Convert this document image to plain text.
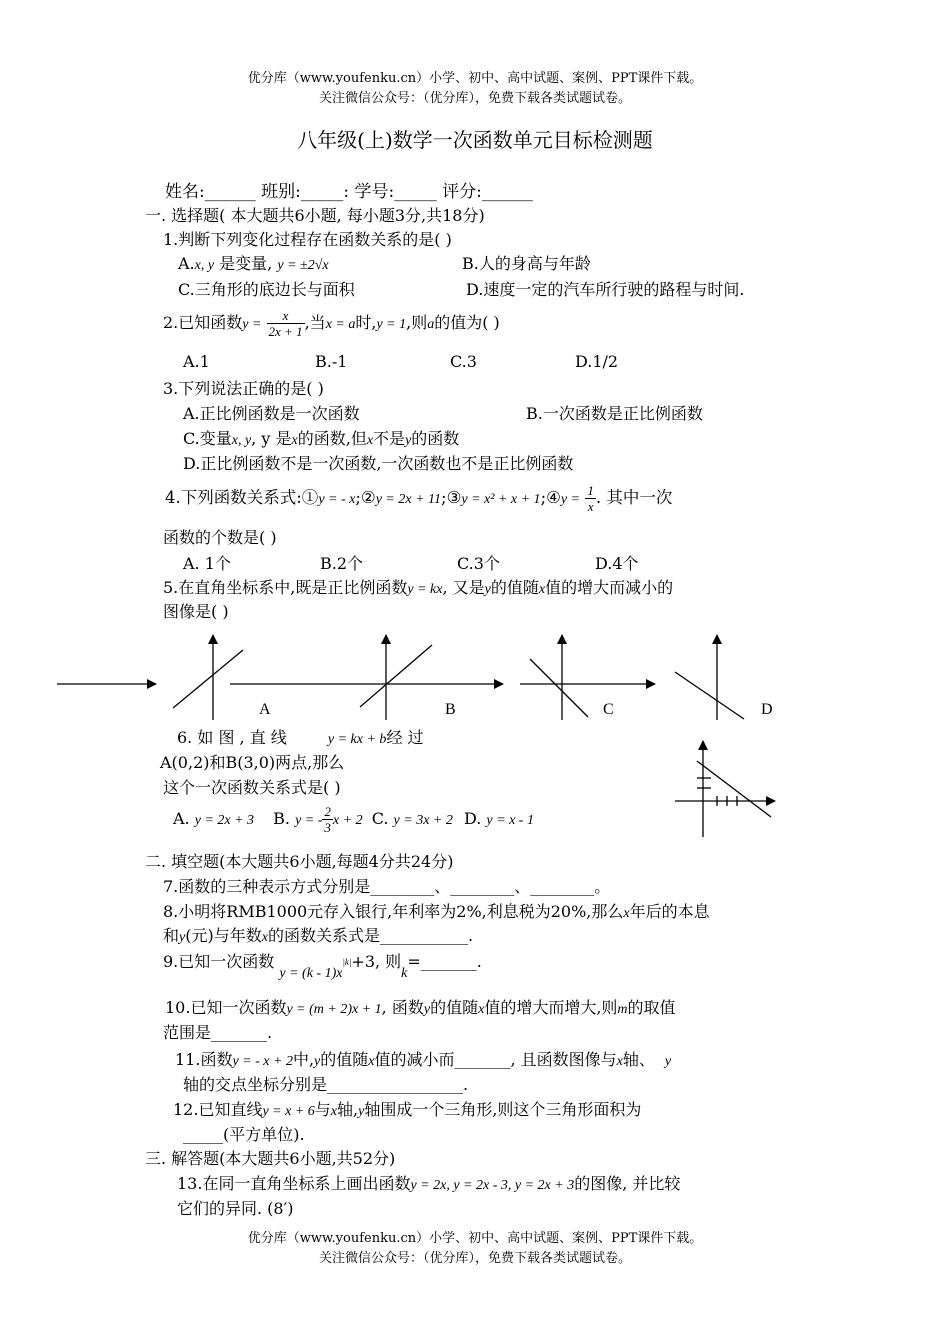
优分库（www.youfenku.cn）小学、初中、高中试题、案例、PPT课件下载。
关注微信公众号：（优分库），免费下载各类试题试卷。
八年级(上)数学一次函数单元目标检测题
姓名:______ 班别:_____: 学号:_____ 评分:______
一. 选择题( 本大题共6小题, 每小题3分,共18分)
1.判断下列变化过程存在函数关系的是( )
A.x, y 是变量, y = ±2√x	B.人的身高与年龄
C.三角形的底边长与面积	D.速度一定的汽车所行驶的路程与时间.
2.已知函数$y = \frac{x}{2x + 1}$ ,当x = a时,y = 1,则a的值为( )
A.1	B.-1	C.3	D.1/2
3.下列说法正确的是( )
A.正比例函数是一次函数	B.一次函数是正比例函数
C.变量x, y, y 是x的函数,但x不是y的函数
D.正比例函数不是一次函数,一次函数也不是正比例函数
4.下列函数关系式:①y = - x;②y = 2x + 11;③y = x² + x + 1;④y = $\frac{1}{x}$ . 其中一次
函数的个数是( )
A. 1个	B.2个	C.3个	D.4个
5.在直角坐标系中,既是正比例函数y = kx, 又是y的值随x值的增大而减小的
图像是( )
A	B	C	D
6. 如 图 , 直 线	y = kx + b经 过
A(0,2)和B(3,0)两点,那么
这个一次函数关系式是( )
A. y = 2x + 3 B. y = - $\frac{2}{3}$ x + 2 C. y = 3x + 2 D. y = x - 1
二. 填空题(本大题共6小题,每题4分共24分)
7.函数的三种表示方式分别是________、________、________。
8.小明将RMB1000元存入银行,年利率为2%,利息税为20%,那么x年后的本息
和y(元)与年数x的函数关系式是___________.
9.已知一次函数 $y = (k - 1)x^{|k|}+3$, 则k=_______.
10.已知一次函数y = (m + 2)x + 1, 函数y的值随x值的增大而增大,则m的取值
范围是_______.
11.函数y = - x + 2中,y的值随x值的减小而_______, 且函数图像与x轴、 y
轴的交点坐标分别是_________________.
12.已知直线y = x + 6与x轴,y轴围成一个三角形,则这个三角形面积为
_____(平方单位).
三. 解答题(本大题共6小题,共52分)
13.在同一直角坐标系上画出函数y = 2x, y = 2x - 3, y = 2x + 3的图像, 并比较
它们的异同. (8′)
优分库（www.youfenku.cn）小学、初中、高中试题、案例、PPT课件下载。
关注微信公众号：（优分库），免费下载各类试题试卷。
